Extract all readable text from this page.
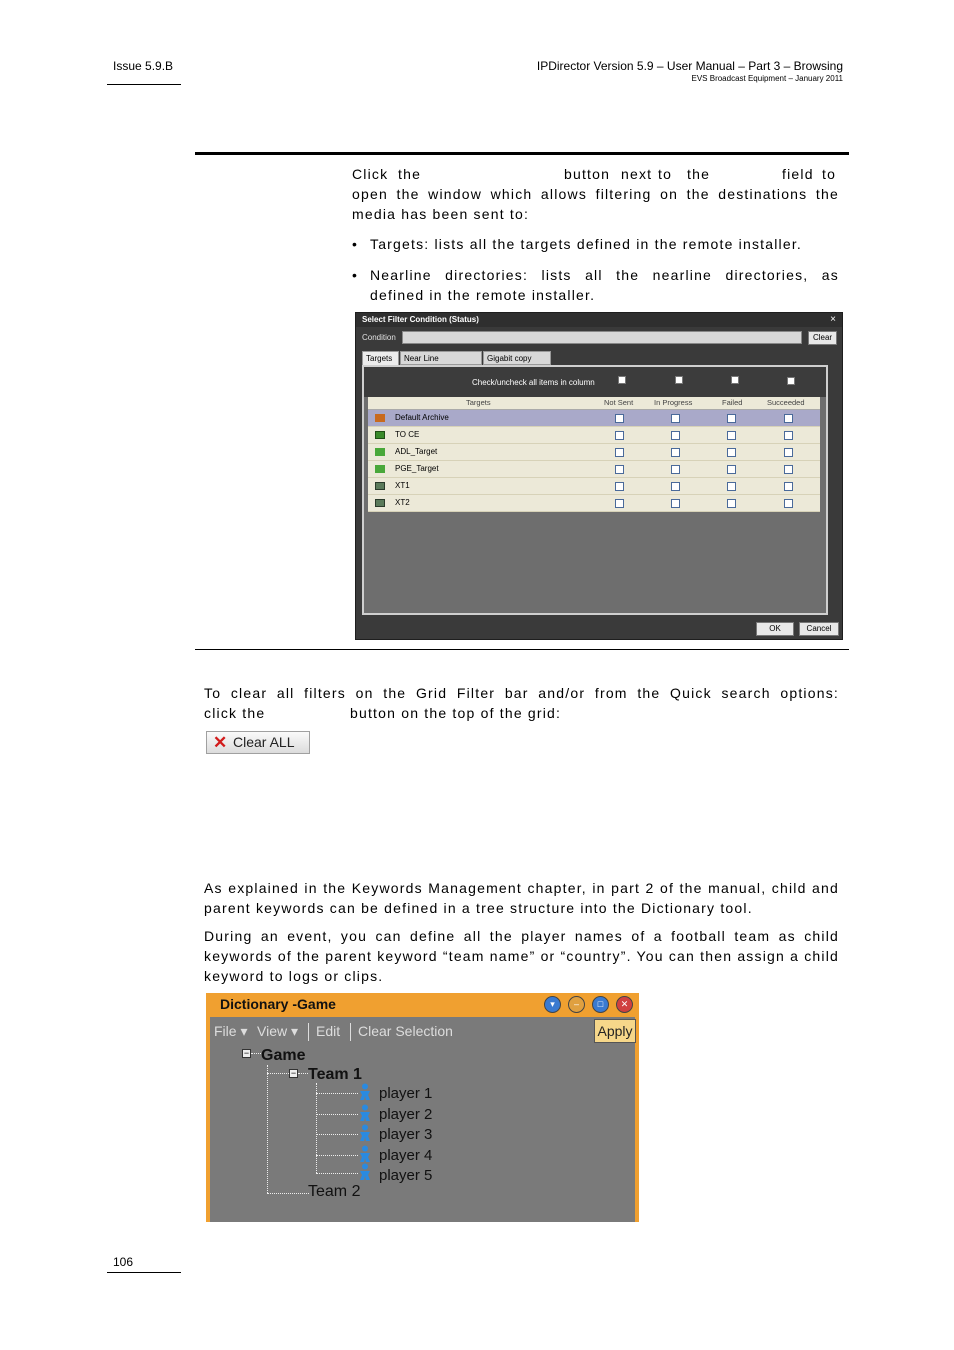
Issue 5.9.B	IPDirector Version 5.9 – User Manual – Part 3 – Browsing
EVS Broadcast Equipment – January 2011
Click the	button next to the	field to
open the window which allows filtering on the destinations the media has been sent to:
• Targets: lists all the targets defined in the remote installer.
• Nearline directories: lists all the nearline directories, as defined in the remote installer.
Select Filter Condition (Status)	×
Condition	Clear
Targets	Near Line	Gigabit copy
Check/uncheck all items in column
Targets	Not Sent	In Progress	Failed	Succeeded
Default Archive
TO CE
ADL_Target
PGE_Target
XT1
XT2
OK	Cancel
To clear all filters on the Grid Filter bar and/or from the Quick search options:
click the	button on the top of the grid:
✕ Clear ALL
As explained in the Keywords Management chapter, in part 2 of the manual, child and parent keywords can be defined in a tree structure into the Dictionary tool.
During an event, you can define all the player names of a football team as child keywords of the parent keyword “team name” or “country”. You can then assign a child keyword to logs or clips.
Dictionary -Game	▾	–	□	✕
File ▾ View ▾ Edit Clear Selection	Apply
− Game
− Team 1
player 1
player 2
player 3
player 4
player 5
Team 2
106
